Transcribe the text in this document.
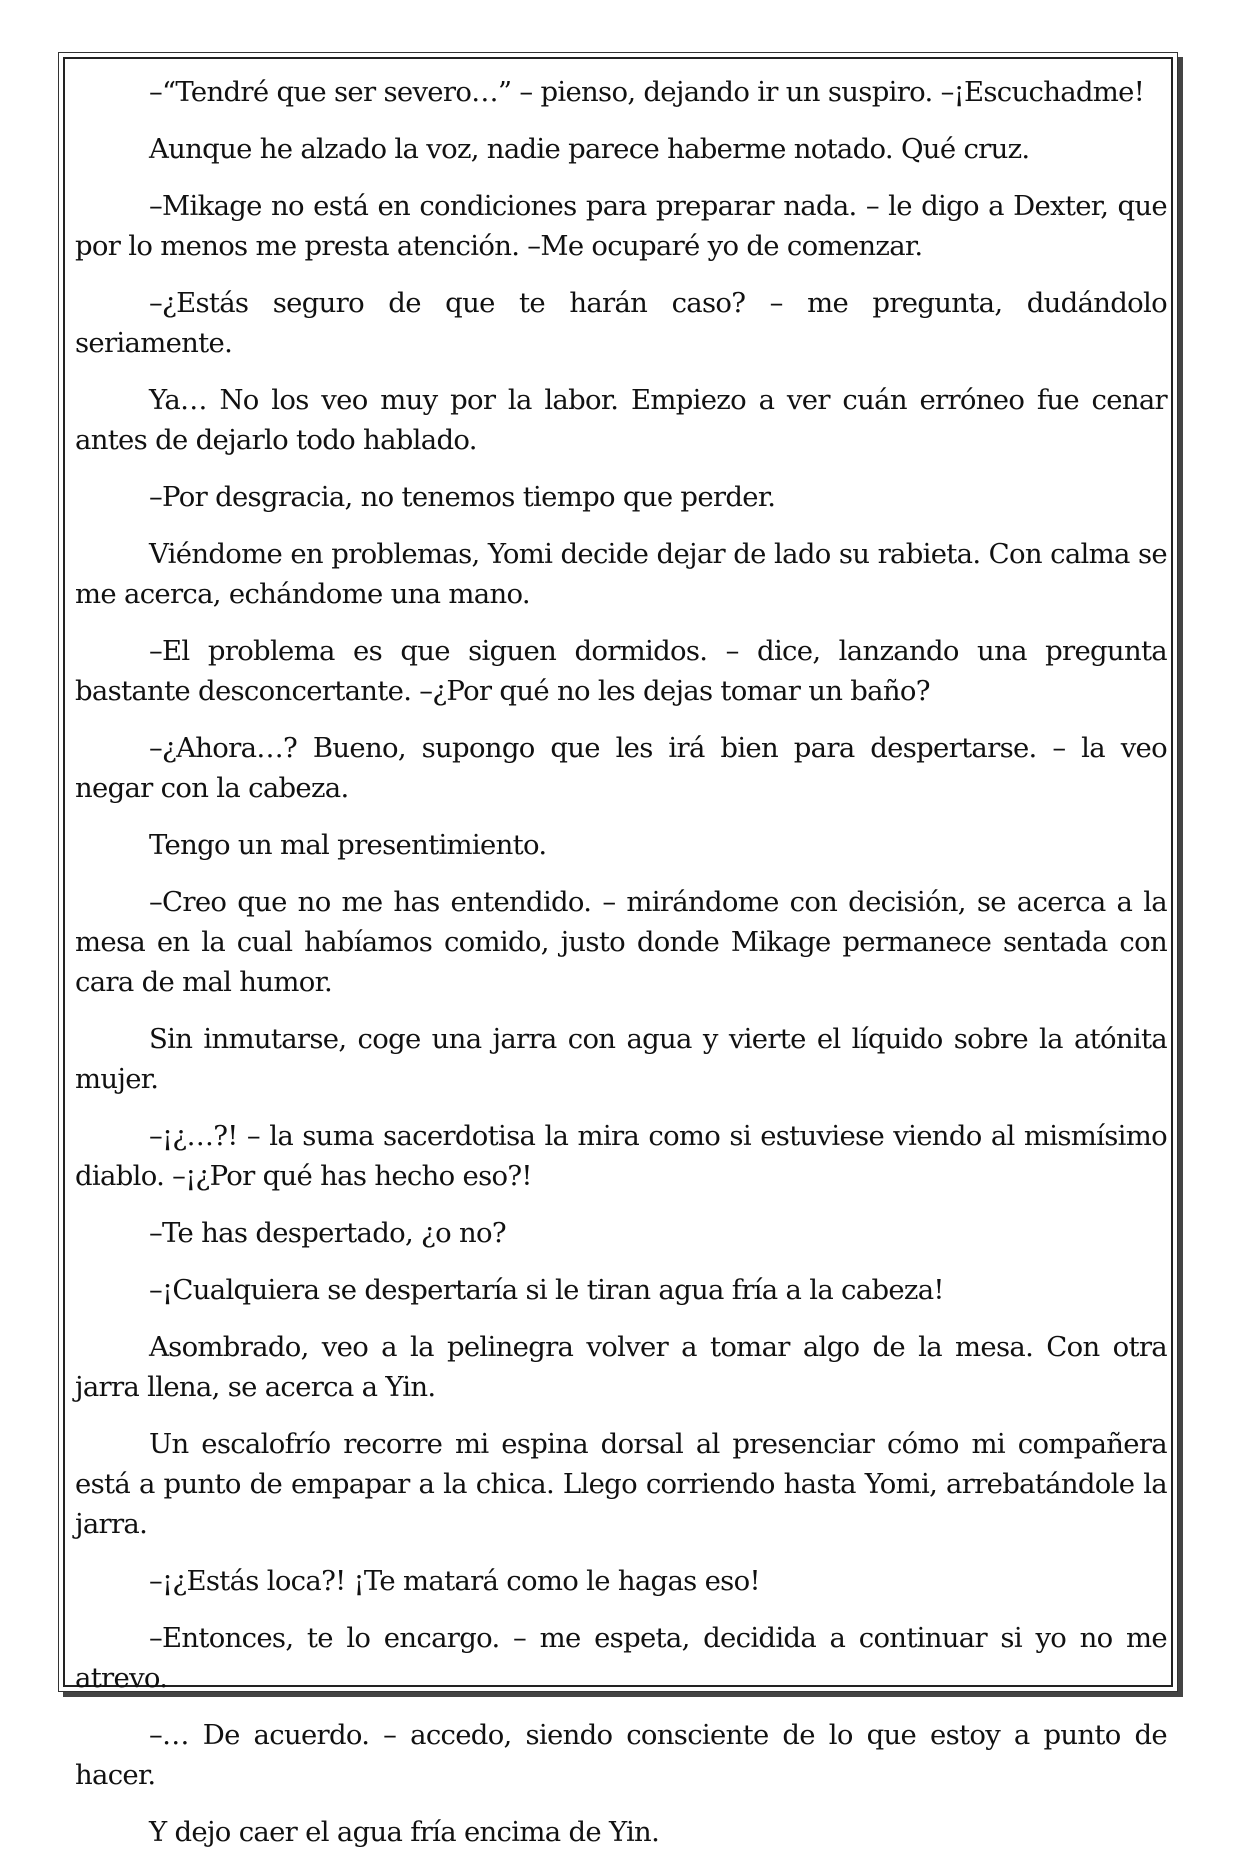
–“Tendré que ser severo…” – pienso, dejando ir un suspiro. –¡Escuchadme!

Aunque he alzado la voz, nadie parece haberme notado. Qué cruz.

–Mikage no está en condiciones para preparar nada. – le digo a Dexter, que por lo menos me presta atención. –Me ocuparé yo de comenzar.

–¿Estás seguro de que te harán caso? – me pregunta, dudándolo seriamente.

Ya… No los veo muy por la labor. Empiezo a ver cuán erróneo fue cenar antes de dejarlo todo hablado.

–Por desgracia, no tenemos tiempo que perder.

Viéndome en problemas, Yomi decide dejar de lado su rabieta. Con calma se me acerca, echándome una mano.

–El problema es que siguen dormidos. – dice, lanzando una pregunta bastante desconcertante. –¿Por qué no les dejas tomar un baño?

–¿Ahora…? Bueno, supongo que les irá bien para despertarse. – la veo negar con la cabeza.

Tengo un mal presentimiento.

–Creo que no me has entendido. – mirándome con decisión, se acerca a la mesa en la cual habíamos comido, justo donde Mikage permanece sentada con cara de mal humor.

Sin inmutarse, coge una jarra con agua y vierte el líquido sobre la atónita mujer.

–¡¿…?! – la suma sacerdotisa la mira como si estuviese viendo al mismísimo diablo. –¡¿Por qué has hecho eso?!

–Te has despertado, ¿o no?

–¡Cualquiera se despertaría si le tiran agua fría a la cabeza!

Asombrado, veo a la pelinegra volver a tomar algo de la mesa. Con otra jarra llena, se acerca a Yin.

Un escalofrío recorre mi espina dorsal al presenciar cómo mi compañera está a punto de empapar a la chica. Llego corriendo hasta Yomi, arrebatándole la jarra.

–¡¿Estás loca?! ¡Te matará como le hagas eso!

–Entonces, te lo encargo. – me espeta, decidida a continuar si yo no me atrevo.

–… De acuerdo. – accedo, siendo consciente de lo que estoy a punto de hacer.

Y dejo caer el agua fría encima de Yin.
